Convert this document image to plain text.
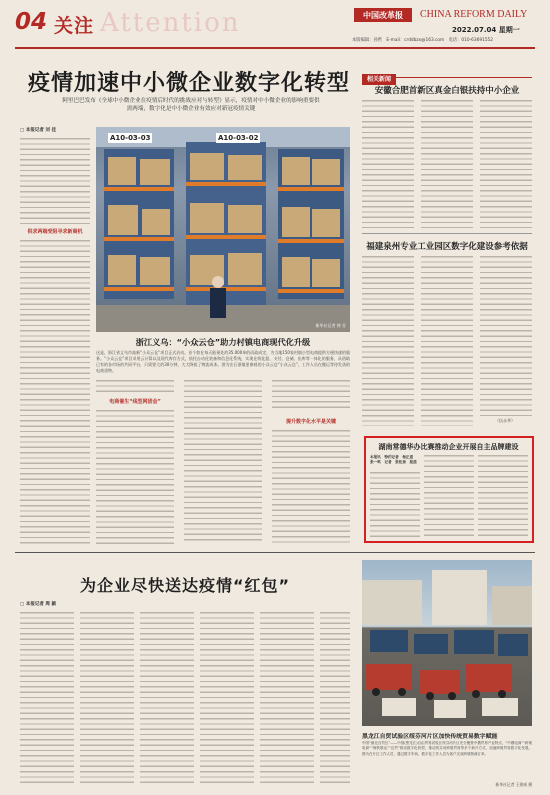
04 关注 Attention	中国改革报	CHINA REFORM DAILY
2022.07.04 星期一
本版编辑：孙哲　E-mail：crddbzx@163.com　电话：010-63691552
疫情加速中小微企业数字化转型
阿里巴巴发布《全球中小微企业在疫情后时代的挑战应对与转型》显示，疫情对中小微企业的影响重要供需两端，数字化是中小微企业有效应对新冠疫情关键
□ 本报记者 刘 佳
供求两端受阻寻求新商机
A10-03-03	A10-03-02
新华社记者 徐 昱
浙江义乌：“小众云仓”助力村镇电商现代化升级
这是，浙江省义乌市高新“小众云仓”项目正式启动。首个如在每天能预处约35.000单的而政成定，为当地150家村镇小型电商提供方便快速的服务。“小众云仓”项目采用云计算以及现代库存方式，依托自动化装备和信息化系统，实现在线化派、支付、仓储、出库等一体化的服务，从借助已有的各市场的共同平台，只需要大约30分钟，大大降低了物流成本。图为在石浙镇里参观的小众云仓“小众云仓”。工作人员在搬运等待发货的电商货物。
电商催生“线型网团会”
提升数字化水平是关键
相关新闻
安徽合肥首新区真金白银扶持中小企业
福建泉州专业工业园区数字化建设参考依据
（伍永华）
湖南常德华办比赛推动企业开展自主品牌建设
本报讯　特约记者　杨正道　张一鸣　记者　张松泉　报道
为企业尽快送达疫情“红包”
□ 本报记者 周 颖
黑龙江自贸试验区绥芬河片区加快传统贸易数字赋能
中国“最北自贸区”——中国(黑龙江)自由贸易试验区绥芬河片区充分聚焦中俄贸易产业特点，“中俄电商”“跨境电商”“海铁联运”“边贸”推动数字化转型，推动绥芬河跨境贸易等多个新兴方式，加速跨境贸易数字化发展。图为在片区工作人员，通过数字车间，数字化工作人员为客户完成跨境物流订单。
新华社记者 王建威 摄
